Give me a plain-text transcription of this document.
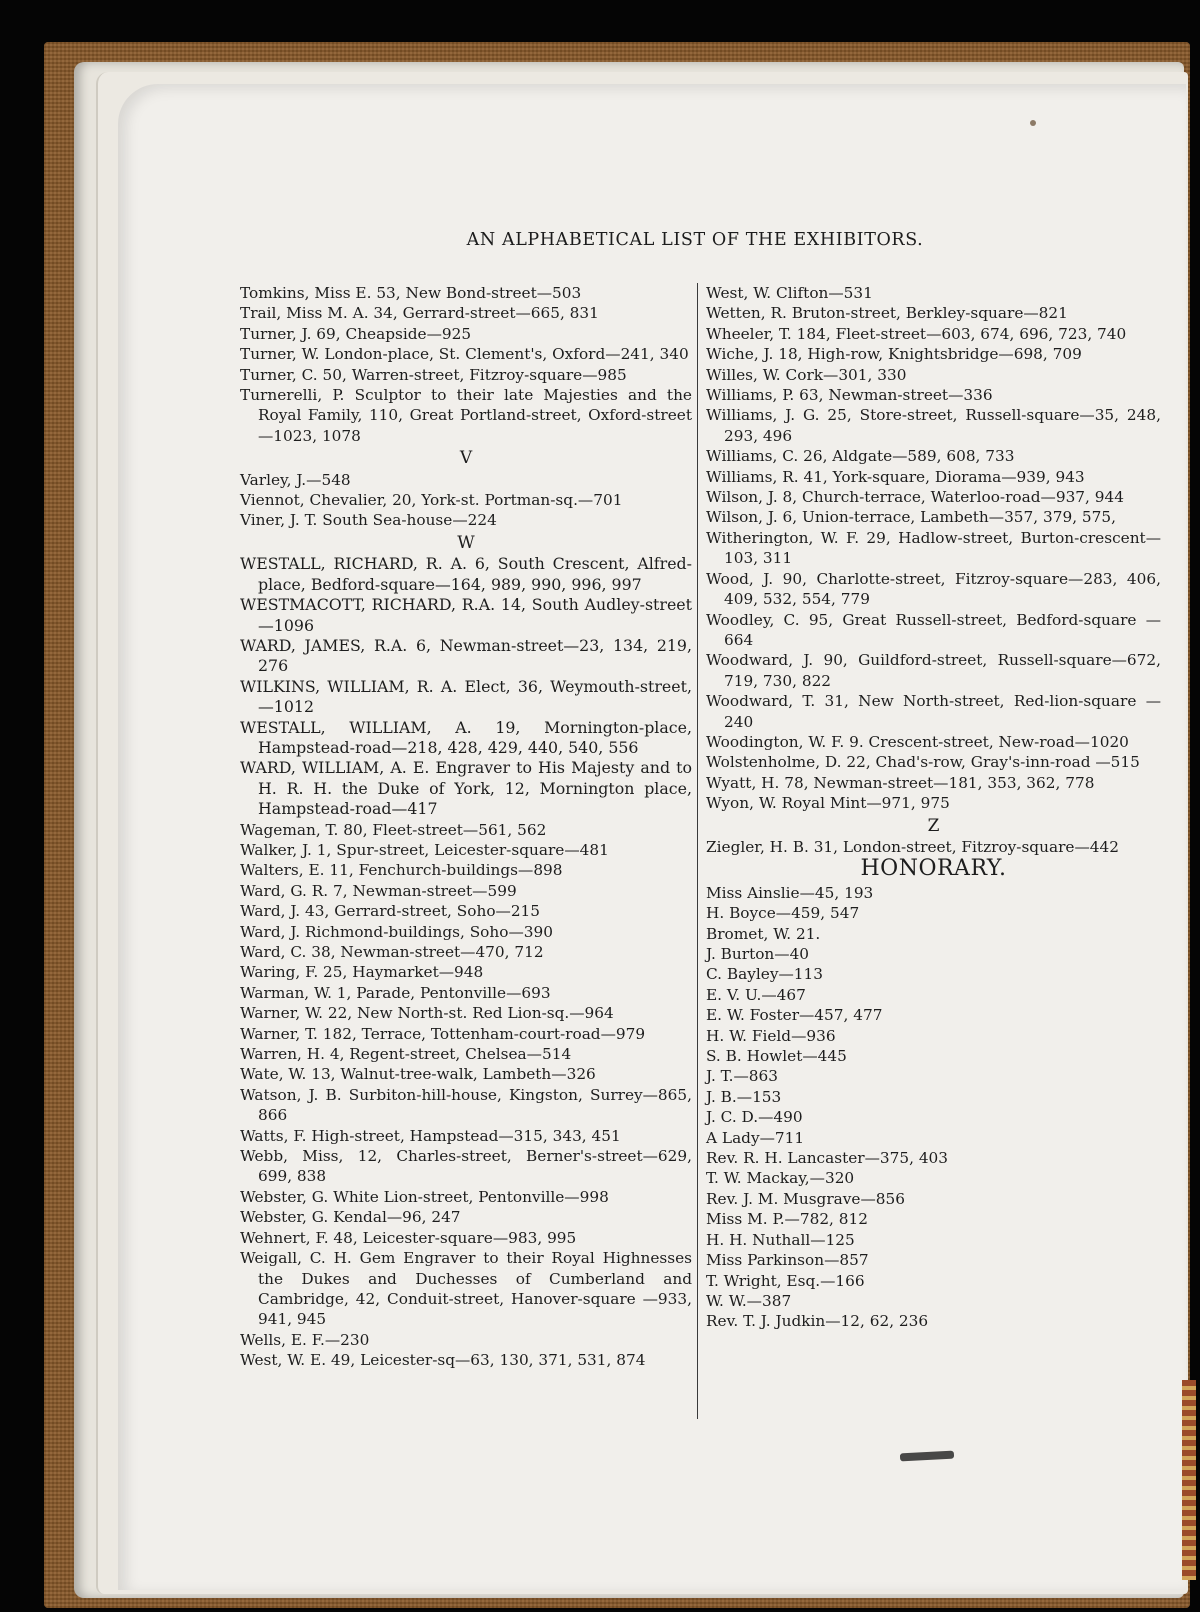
AN ALPHABETICAL LIST OF THE EXHIBITORS.
Tomkins, Miss E. 53, New Bond-street—503
Trail, Miss M. A. 34, Gerrard-street—665, 831
Turner, J. 69, Cheapside—925
Turner, W. London-place, St. Clement's, Oxford—241, 340
Turner, C. 50, Warren-street, Fitzroy-square—985
Turnerelli, P. Sculptor to their late Majesties and the Royal Family, 110, Great Portland-street, Oxford-street—1023, 1078
V
Varley, J.—548
Viennot, Chevalier, 20, York-st. Portman-sq.—701
Viner, J. T. South Sea-house—224
W
WESTALL, RICHARD, R. A. 6, South Crescent, Alfred-place, Bedford-square—164, 989, 990, 996, 997
WESTMACOTT, RICHARD, R.A. 14, South Audley-street—1096
WARD, JAMES, R.A. 6, Newman-street—23, 134, 219, 276
WILKINS, WILLIAM, R. A. Elect, 36, Weymouth-street,—1012
WESTALL, WILLIAM, A. 19, Mornington-place, Hampstead-road—218, 428, 429, 440, 540, 556
WARD, WILLIAM, A. E. Engraver to His Majesty and to H. R. H. the Duke of York, 12, Mornington place, Hampstead-road—417
Wageman, T. 80, Fleet-street—561, 562
Walker, J. 1, Spur-street, Leicester-square—481
Walters, E. 11, Fenchurch-buildings—898
Ward, G. R. 7, Newman-street—599
Ward, J. 43, Gerrard-street, Soho—215
Ward, J. Richmond-buildings, Soho—390
Ward, C. 38, Newman-street—470, 712
Waring, F. 25, Haymarket—948
Warman, W. 1, Parade, Pentonville—693
Warner, W. 22, New North-st. Red Lion-sq.—964
Warner, T. 182, Terrace, Tottenham-court-road—979
Warren, H. 4, Regent-street, Chelsea—514
Wate, W. 13, Walnut-tree-walk, Lambeth—326
Watson, J. B. Surbiton-hill-house, Kingston, Surrey—865, 866
Watts, F. High-street, Hampstead—315, 343, 451
Webb, Miss, 12, Charles-street, Berner's-street—629, 699, 838
Webster, G. White Lion-street, Pentonville—998
Webster, G. Kendal—96, 247
Wehnert, F. 48, Leicester-square—983, 995
Weigall, C. H. Gem Engraver to their Royal Highnesses the Dukes and Duchesses of Cumberland and Cambridge, 42, Conduit-street, Hanover-square —933, 941, 945
Wells, E. F.—230
West, W. E. 49, Leicester-sq—63, 130, 371, 531, 874
West, W. Clifton—531
Wetten, R. Bruton-street, Berkley-square—821
Wheeler, T. 184, Fleet-street—603, 674, 696, 723, 740
Wiche, J. 18, High-row, Knightsbridge—698, 709
Willes, W. Cork—301, 330
Williams, P. 63, Newman-street—336
Williams, J. G. 25, Store-street, Russell-square—35, 248, 293, 496
Williams, C. 26, Aldgate—589, 608, 733
Williams, R. 41, York-square, Diorama—939, 943
Wilson, J. 8, Church-terrace, Waterloo-road—937, 944
Wilson, J. 6, Union-terrace, Lambeth—357, 379, 575,
Witherington, W. F. 29, Hadlow-street, Burton-crescent—103, 311
Wood, J. 90, Charlotte-street, Fitzroy-square—283, 406, 409, 532, 554, 779
Woodley, C. 95, Great Russell-street, Bedford-square —664
Woodward, J. 90, Guildford-street, Russell-square—672, 719, 730, 822
Woodward, T. 31, New North-street, Red-lion-square —240
Woodington, W. F. 9. Crescent-street, New-road—1020
Wolstenholme, D. 22, Chad's-row, Gray's-inn-road —515
Wyatt, H. 78, Newman-street—181, 353, 362, 778
Wyon, W. Royal Mint—971, 975
Z
Ziegler, H. B. 31, London-street, Fitzroy-square—442
HONORARY.
Miss Ainslie—45, 193
H. Boyce—459, 547
Bromet, W. 21.
J. Burton—40
C. Bayley—113
E. V. U.—467
E. W. Foster—457, 477
H. W. Field—936
S. B. Howlet—445
J. T.—863
J. B.—153
J. C. D.—490
A Lady—711
Rev. R. H. Lancaster—375, 403
T. W. Mackay,—320
Rev. J. M. Musgrave—856
Miss M. P.—782, 812
H. H. Nuthall—125
Miss Parkinson—857
T. Wright, Esq.—166
W. W.—387
Rev. T. J. Judkin—12, 62, 236
